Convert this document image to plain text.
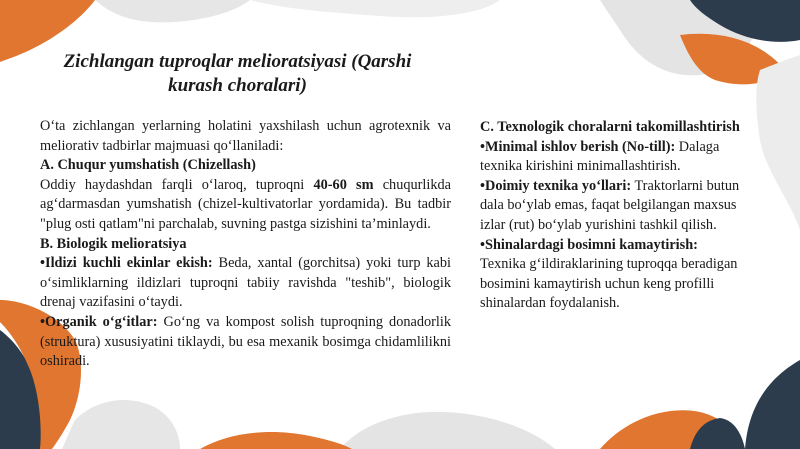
Zichlangan tuproqlar melioratsiyasi (Qarshi kurash choralari)

O‘ta zichlangan yerlarning holatini yaxshilash uchun agrotexnik va meliorativ tadbirlar majmuasi qo‘llaniladi:

A. Chuqur yumshatish (Chizellash)

Oddiy haydashdan farqli o‘laroq, tuproqni 40-60 sm chuqurlikda ag‘darmasdan yumshatish (chizel-kultivatorlar yordamida). Bu tadbir "plug osti qatlam"ni parchalab, suvning pastga sizishini ta’minlaydi.

B. Biologik melioratsiya

•Ildizi kuchli ekinlar ekish: Beda, xantal (gorchitsa) yoki turp kabi o‘simliklarning ildizlari tuproqni tabiiy ravishda "teshib", biologik drenaj vazifasini o‘taydi.

•Organik o‘g‘itlar: Go‘ng va kompost solish tuproqning donadorlik (struktura) xususiyatini tiklaydi, bu esa mexanik bosimga chidamlilikni oshiradi.

C. Texnologik choralarni takomillashtirish

•Minimal ishlov berish (No-till): Dalaga texnika kirishini minimallashtirish.

•Doimiy texnika yo‘llari: Traktorlarni butun dala bo‘ylab emas, faqat belgilangan maxsus izlar (rut) bo‘ylab yurishini tashkil qilish.

•Shinalardagi bosimni kamaytirish: Texnika g‘ildiraklarining tuproqqa beradigan bosimini kamaytirish uchun keng profilli shinalardan foydalanish.
